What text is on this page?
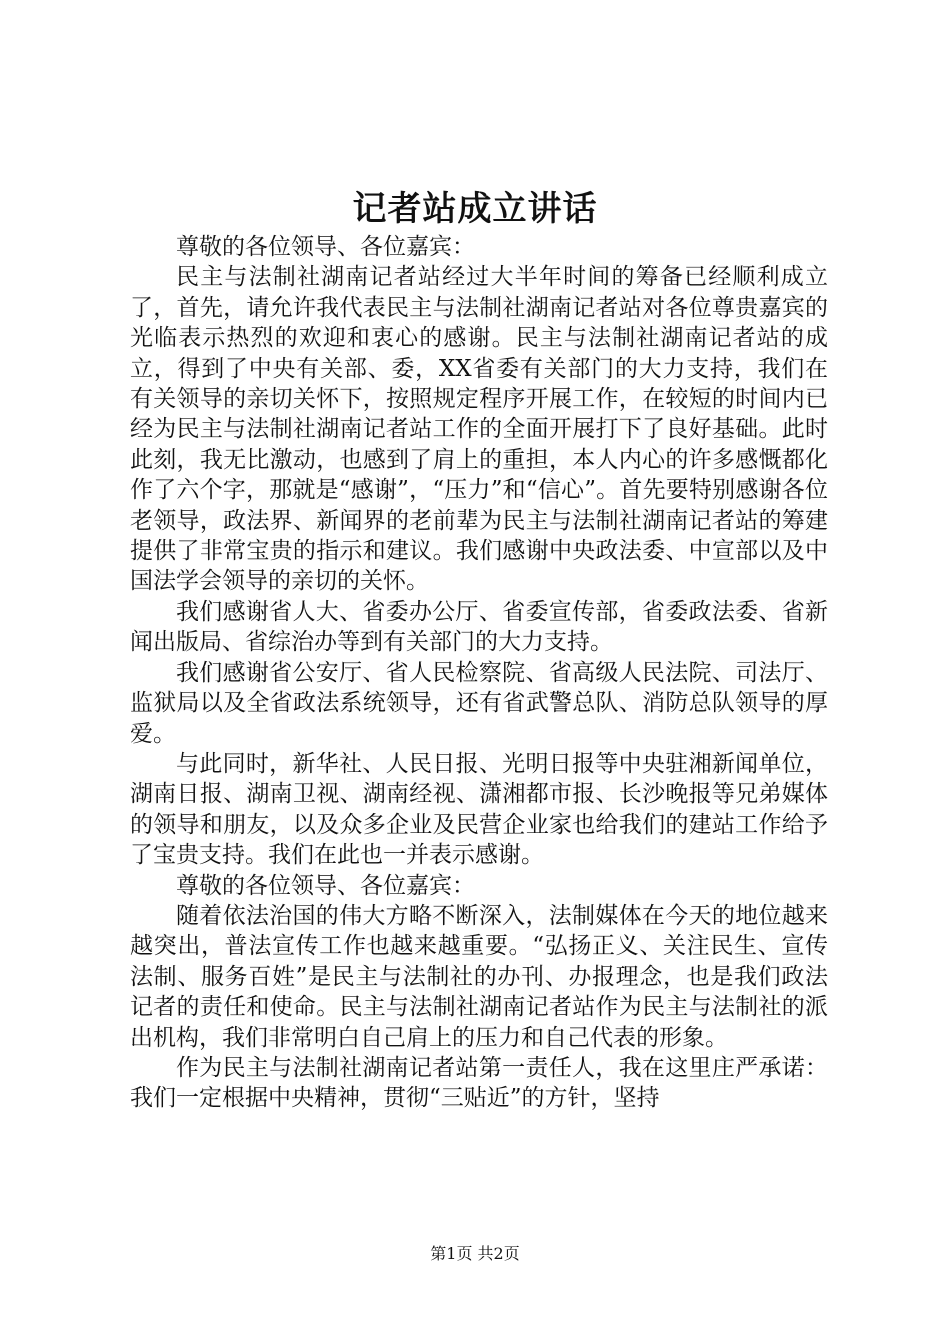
记者站成立讲话

尊敬的各位领导、各位嘉宾：

民主与法制社湖南记者站经过大半年时间的筹备已经顺利成立了，首先，请允许我代表民主与法制社湖南记者站对各位尊贵嘉宾的光临表示热烈的欢迎和衷心的感谢。民主与法制社湖南记者站的成立，得到了中央有关部、委，XX省委有关部门的大力支持，我们在有关领导的亲切关怀下，按照规定程序开展工作，在较短的时间内已经为民主与法制社湖南记者站工作的全面开展打下了良好基础。此时此刻，我无比激动，也感到了肩上的重担，本人内心的许多感慨都化作了六个字，那就是“感谢”，“压力”和“信心”。首先要特别感谢各位老领导，政法界、新闻界的老前辈为民主与法制社湖南记者站的筹建提供了非常宝贵的指示和建议。我们感谢中央政法委、中宣部以及中国法学会领导的亲切的关怀。

我们感谢省人大、省委办公厅、省委宣传部，省委政法委、省新闻出版局、省综治办等到有关部门的大力支持。

我们感谢省公安厅、省人民检察院、省高级人民法院、司法厅、监狱局以及全省政法系统领导，还有省武警总队、消防总队领导的厚爱。

与此同时，新华社、人民日报、光明日报等中央驻湘新闻单位，湖南日报、湖南卫视、湖南经视、潇湘都市报、长沙晚报等兄弟媒体的领导和朋友，以及众多企业及民营企业家也给我们的建站工作给予了宝贵支持。我们在此也一并表示感谢。

尊敬的各位领导、各位嘉宾：

随着依法治国的伟大方略不断深入，法制媒体在今天的地位越来越突出，普法宣传工作也越来越重要。“弘扬正义、关注民生、宣传法制、服务百姓”是民主与法制社的办刊、办报理念，也是我们政法记者的责任和使命。民主与法制社湖南记者站作为民主与法制社的派出机构，我们非常明白自己肩上的压力和自己代表的形象。

作为民主与法制社湖南记者站第一责任人，我在这里庄严承诺：我们一定根据中央精神，贯彻“三贴近”的方针，坚持

第1页 共2页
